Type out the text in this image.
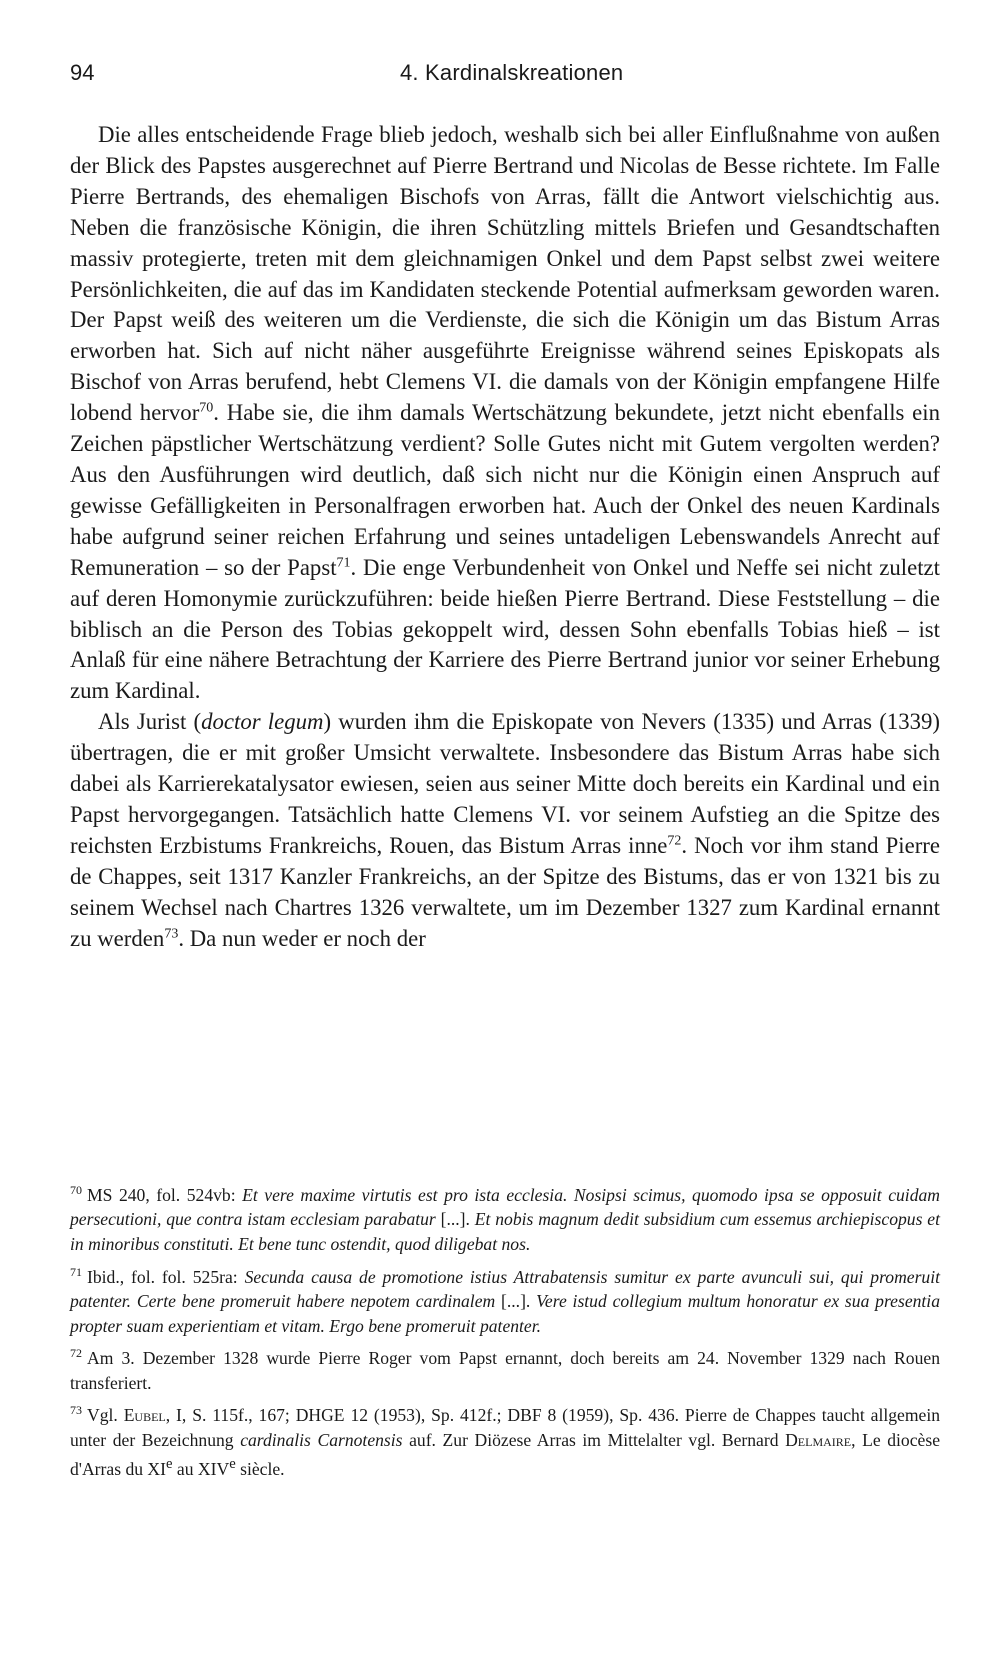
94	4. Kardinalskreationen

Die alles entscheidende Frage blieb jedoch, weshalb sich bei aller Einflußnahme von außen der Blick des Papstes ausgerechnet auf Pierre Bertrand und Nicolas de Besse richtete. Im Falle Pierre Bertrands, des ehemaligen Bischofs von Arras, fällt die Antwort vielschichtig aus. Neben die französische Königin, die ihren Schützling mittels Briefen und Gesandtschaften massiv protegierte, treten mit dem gleichnamigen Onkel und dem Papst selbst zwei weitere Persönlichkeiten, die auf das im Kandidaten steckende Potential aufmerksam geworden waren. Der Papst weiß des weiteren um die Verdienste, die sich die Königin um das Bistum Arras erworben hat. Sich auf nicht näher ausgeführte Ereignisse während seines Episkopats als Bischof von Arras berufend, hebt Clemens VI. die damals von der Königin empfangene Hilfe lobend hervor$^{70}$. Habe sie, die ihm damals Wertschätzung bekundete, jetzt nicht ebenfalls ein Zeichen päpstlicher Wertschätzung verdient? Solle Gutes nicht mit Gutem vergolten werden? Aus den Ausführungen wird deutlich, daß sich nicht nur die Königin einen Anspruch auf gewisse Gefälligkeiten in Personalfragen erworben hat. Auch der Onkel des neuen Kardinals habe aufgrund seiner reichen Erfahrung und seines untadeligen Lebenswandels Anrecht auf Remuneration – so der Papst$^{71}$. Die enge Verbundenheit von Onkel und Neffe sei nicht zuletzt auf deren Homonymie zurückzuführen: beide hießen Pierre Bertrand. Diese Feststellung – die biblisch an die Person des Tobias gekoppelt wird, dessen Sohn ebenfalls Tobias hieß – ist Anlaß für eine nähere Betrachtung der Karriere des Pierre Bertrand junior vor seiner Erhebung zum Kardinal.

Als Jurist (doctor legum) wurden ihm die Episkopate von Nevers (1335) und Arras (1339) übertragen, die er mit großer Umsicht verwaltete. Insbesondere das Bistum Arras habe sich dabei als Karrierekatalysator ewiesen, seien aus seiner Mitte doch bereits ein Kardinal und ein Papst hervorgegangen. Tatsächlich hatte Clemens VI. vor seinem Aufstieg an die Spitze des reichsten Erzbistums Frankreichs, Rouen, das Bistum Arras inne$^{72}$. Noch vor ihm stand Pierre de Chappes, seit 1317 Kanzler Frankreichs, an der Spitze des Bistums, das er von 1321 bis zu seinem Wechsel nach Chartres 1326 verwaltete, um im Dezember 1327 zum Kardinal ernannt zu werden$^{73}$. Da nun weder er noch der

$^{70}$ MS 240, fol. 524vb: Et vere maxime virtutis est pro ista ecclesia. Nosipsi scimus, quomodo ipsa se opposuit cuidam persecutioni, que contra istam ecclesiam parabatur [...]. Et nobis magnum dedit subsidium cum essemus archiepiscopus et in minoribus constituti. Et bene tunc ostendit, quod diligebat nos.

$^{71}$ Ibid., fol. fol. 525ra: Secunda causa de promotione istius Attrabatensis sumitur ex parte avunculi sui, qui promeruit patenter. Certe bene promeruit habere nepotem cardinalem [...]. Vere istud collegium multum honoratur ex sua presentia propter suam experientiam et vitam. Ergo bene promeruit patenter.

$^{72}$ Am 3. Dezember 1328 wurde Pierre Roger vom Papst ernannt, doch bereits am 24. November 1329 nach Rouen transferiert.

$^{73}$ Vgl. Eubel, I, S. 115f., 167; DHGE 12 (1953), Sp. 412f.; DBF 8 (1959), Sp. 436. Pierre de Chappes taucht allgemein unter der Bezeichnung cardinalis Carnotensis auf. Zur Diözese Arras im Mittelalter vgl. Bernard Delmaire, Le diocèse d'Arras du XIe au XIVe siècle.
